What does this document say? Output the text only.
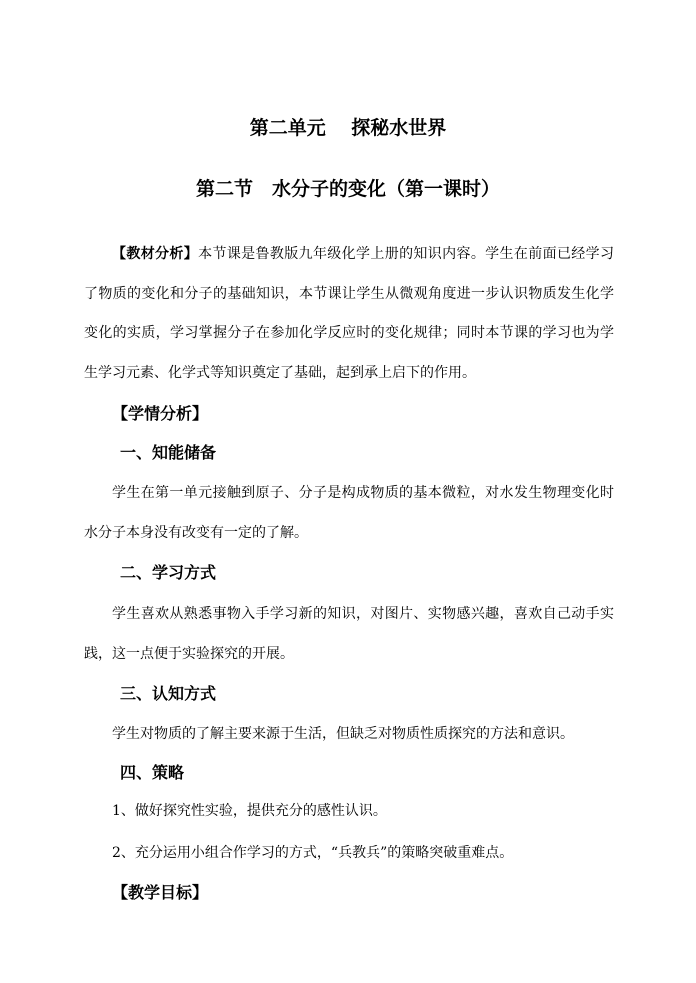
第二单元　 探秘水世界
第二节　水分子的变化（第一课时）

【教材分析】本节课是鲁教版九年级化学上册的知识内容。学生在前面已经学习了物质的变化和分子的基础知识，本节课让学生从微观角度进一步认识物质发生化学变化的实质，学习掌握分子在参加化学反应时的变化规律；同时本节课的学习也为学生学习元素、化学式等知识奠定了基础，起到承上启下的作用。

【学情分析】
一、知能储备

学生在第一单元接触到原子、分子是构成物质的基本微粒，对水发生物理变化时水分子本身没有改变有一定的了解。

二、学习方式

学生喜欢从熟悉事物入手学习新的知识，对图片、实物感兴趣，喜欢自己动手实践，这一点便于实验探究的开展。

三、认知方式

学生对物质的了解主要来源于生活，但缺乏对物质性质探究的方法和意识。

四、策略
1、做好探究性实验，提供充分的感性认识。
2、充分运用小组合作学习的方式，“兵教兵”的策略突破重难点。
【教学目标】
